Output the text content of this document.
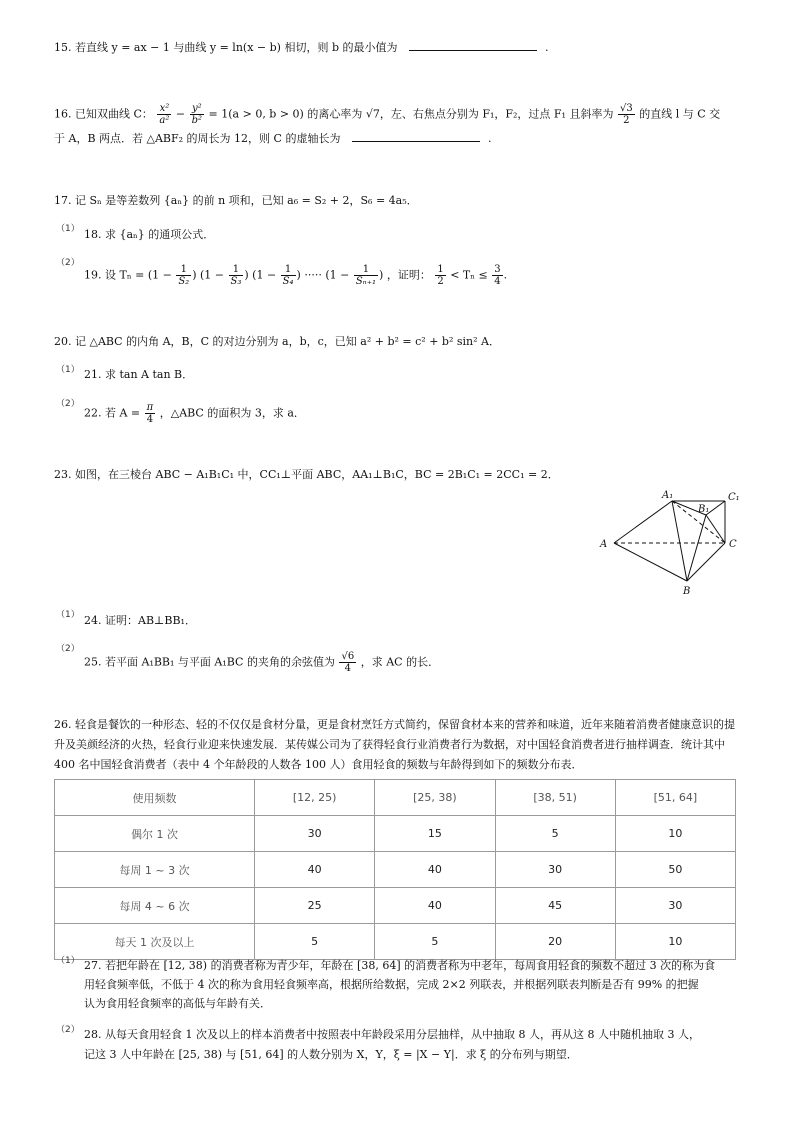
15. 若直线 y = ax − 1 与曲线 y = ln(x − b) 相切，则 b 的最小值为	.
16. 已知双曲线 C： $\frac{\text{x²}}{\text{a²}} - \frac{\text{y²}}{\text{b²}} = 1(a > 0$, b > 0) 的离心率为 √7，左、右焦点分别为 F₁，F₂，过点 F₁ 且斜率为 $\frac{√3}{2}$ 的直线 l 与 C 交
于 A，B 两点．若 △ABF₂ 的周长为 12，则 C 的虚轴长为	.
17. 记 Sₙ 是等差数列 {aₙ} 的前 n 项和，已知 a₆ = S₂ + 2，S₆ = 4a₅．
（1） 18. 求 {aₙ} 的通项公式．
（2）
19. 设 $T_n = (1 - \frac{1}{\text{S₂}}$ ) ($1 - \frac{1}{\text{S₃}}$ ) ($1 - \frac{1}{\text{S₄}}$ ) ····· ($1 - \frac{1}{\text{Sₙ₊₁}}$ ) ，证明： $\frac{1}{2} < T_n \le \frac{3}{4}$ .
20. 记 △ABC 的内角 A，B，C 的对边分别为 a，b，c，已知 a² + b² = c² + b² sin² A．
（1） 21. 求 tan A tan B．
（2）
22. 若 $A = \frac{\pi}{4}$ ，△ABC 的面积为 3，求 a．
23. 如图，在三棱台 ABC − A₁B₁C₁ 中，CC₁⊥平面 ABC，AA₁⊥B₁C，BC = 2B₁C₁ = 2CC₁ = 2．
A₁	C₁
B₁
A	C
B
（1） 24. 证明：AB⊥BB₁．
（2）
25. 若平面 A₁BB₁ 与平面 A₁BC 的夹角的余弦值为 $\frac{√6}{4}$ ，求 AC 的长．
26. 轻食是餐饮的一种形态、轻的不仅仅是食材分量，更是食材烹饪方式简约，保留食材本来的营养和味道，近年来随着消费者健康意识的提升及美颜经济的火热，轻食行业迎来快速发展．某传媒公司为了获得轻食行业消费者行为数据，对中国轻食消费者进行抽样调查．统计其中 400 名中国轻食消费者（表中 4 个年龄段的人数各 100 人）食用轻食的频数与年龄得到如下的频数分布表．
使用频数	[12, 25)	[25, 38)	[38, 51)	[51, 64]
偶尔 1 次	30	15	5	10
每周 1 ~ 3 次	40	40	30	50
每周 4 ~ 6 次	25	40	45	30
每天 1 次及以上	5	5	20	10
（1） 27. 若把年龄在 [12, 38) 的消费者称为青少年，年龄在 [38, 64] 的消费者称为中老年，每周食用轻食的频数不超过 3 次的称为食
用轻食频率低，不低于 4 次的称为食用轻食频率高，根据所给数据，完成 2×2 列联表，并根据列联表判断是否有 99% 的把握
认为食用轻食频率的高低与年龄有关．
（2） 28. 从每天食用轻食 1 次及以上的样本消费者中按照表中年龄段采用分层抽样，从中抽取 8 人，再从这 8 人中随机抽取 3 人，
记这 3 人中年龄在 [25, 38) 与 [51, 64] 的人数分别为 X，Y，ξ = |X − Y|．求 ξ 的分布列与期望．
